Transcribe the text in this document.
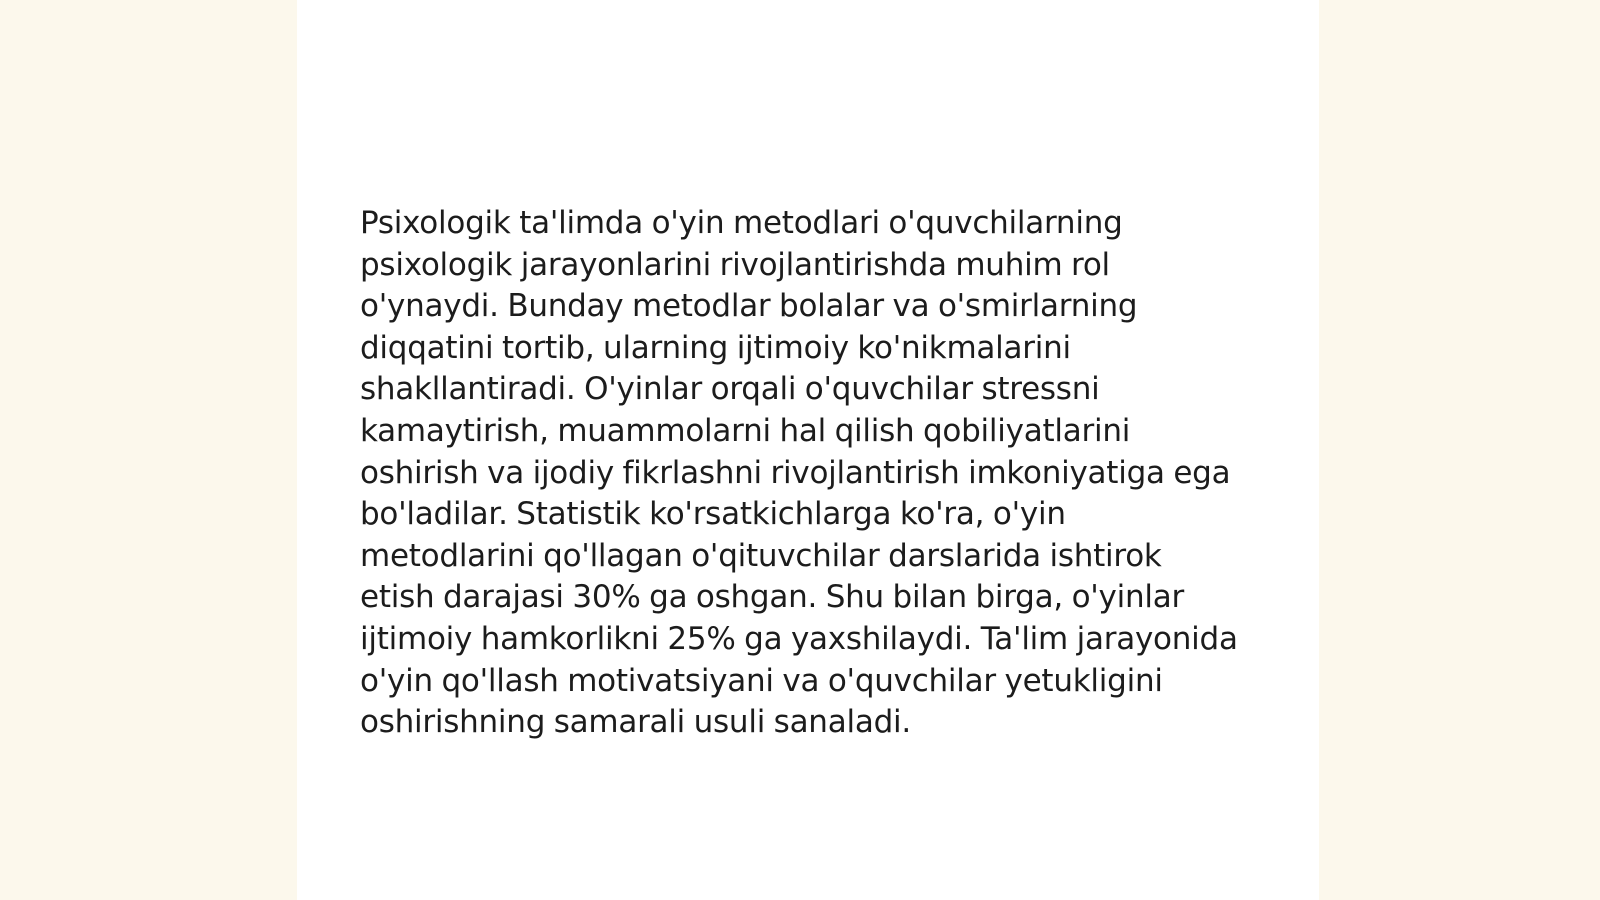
Psixologik ta'limda o'yin metodlari o'quvchilarning psixologik jarayonlarini rivojlantirishda muhim rol o'ynaydi. Bunday metodlar bolalar va o'smirlarning diqqatini tortib, ularning ijtimoiy ko'nikmalarini shakllantiradi. O'yinlar orqali o'quvchilar stressni kamaytirish, muammolarni hal qilish qobiliyatlarini oshirish va ijodiy fikrlashni rivojlantirish imkoniyatiga ega bo'ladilar. Statistik ko'rsatkichlarga ko'ra, o'yin metodlarini qo'llagan o'qituvchilar darslarida ishtirok etish darajasi 30% ga oshgan. Shu bilan birga, o'yinlar ijtimoiy hamkorlikni 25% ga yaxshilaydi. Ta'lim jarayonida o'yin qo'llash motivatsiyani va o'quvchilar yetukligini oshirishning samarali usuli sanaladi.
